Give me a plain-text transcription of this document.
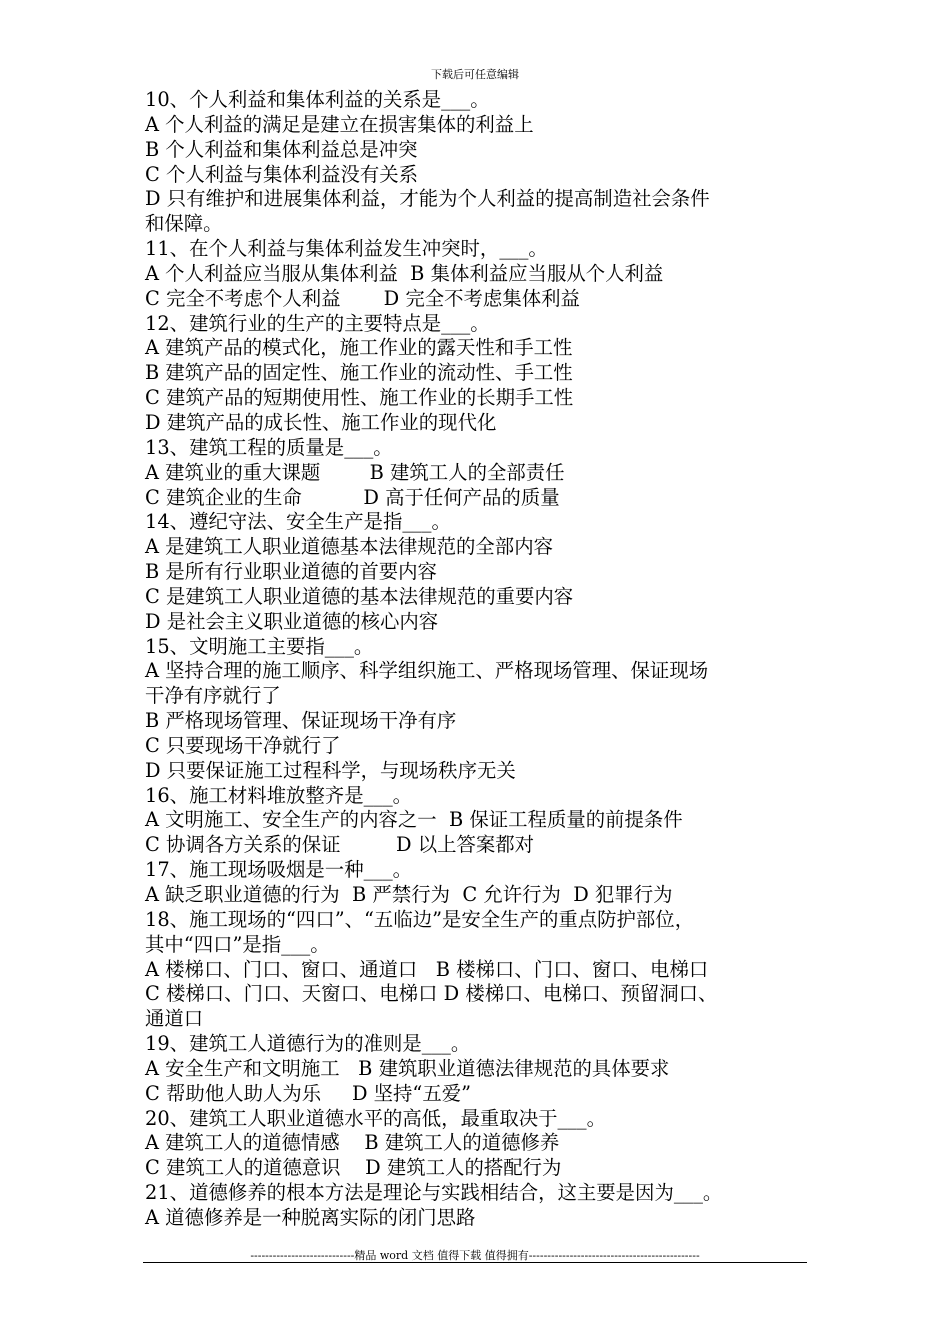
下载后可任意编辑
10、个人利益和集体利益的关系是___。
A 个人利益的满足是建立在损害集体的利益上
B 个人利益和集体利益总是冲突
C 个人利益与集体利益没有关系
D 只有维护和进展集体利益，才能为个人利益的提高制造社会条件
和保障。
11、在个人利益与集体利益发生冲突时，___。
A 个人利益应当服从集体利益  B 集体利益应当服从个人利益
C 完全不考虑个人利益       D 完全不考虑集体利益
12、建筑行业的生产的主要特点是___。
A 建筑产品的模式化，施工作业的露天性和手工性
B 建筑产品的固定性、施工作业的流动性、手工性
C 建筑产品的短期使用性、施工作业的长期手工性
D 建筑产品的成长性、施工作业的现代化
13、建筑工程的质量是___。
A 建筑业的重大课题        B 建筑工人的全部责任
C 建筑企业的生命          D 高于任何产品的质量
14、遵纪守法、安全生产是指___。
A 是建筑工人职业道德基本法律规范的全部内容
B 是所有行业职业道德的首要内容
C 是建筑工人职业道德的基本法律规范的重要内容
D 是社会主义职业道德的核心内容
15、文明施工主要指___。
A 坚持合理的施工顺序、科学组织施工、严格现场管理、保证现场
干净有序就行了
B 严格现场管理、保证现场干净有序
C 只要现场干净就行了
D 只要保证施工过程科学，与现场秩序无关
16、施工材料堆放整齐是___。
A 文明施工、安全生产的内容之一  B 保证工程质量的前提条件
C 协调各方关系的保证         D 以上答案都对
17、施工现场吸烟是一种___。
A 缺乏职业道德的行为  B 严禁行为  C 允许行为  D 犯罪行为
18、施工现场的“四口”、“五临边”是安全生产的重点防护部位，
其中“四口”是指___。
A 楼梯口、门口、窗口、通道口   B 楼梯口、门口、窗口、电梯口
C 楼梯口、门口、天窗口、电梯口 D 楼梯口、电梯口、预留洞口、
通道口
19、建筑工人道德行为的准则是___。
A 安全生产和文明施工   B 建筑职业道德法律规范的具体要求
C 帮助他人助人为乐     D 坚持“五爱”
20、建筑工人职业道德水平的高低，最重取决于___。
A 建筑工人的道德情感    B 建筑工人的道德修养
C 建筑工人的道德意识    D 建筑工人的搭配行为
21、道德修养的根本方法是理论与实践相结合，这主要是因为___。
A 道德修养是一种脱离实际的闭门思路
----------------------------精品 word 文档 值得下载 值得拥有----------------------------------------------
